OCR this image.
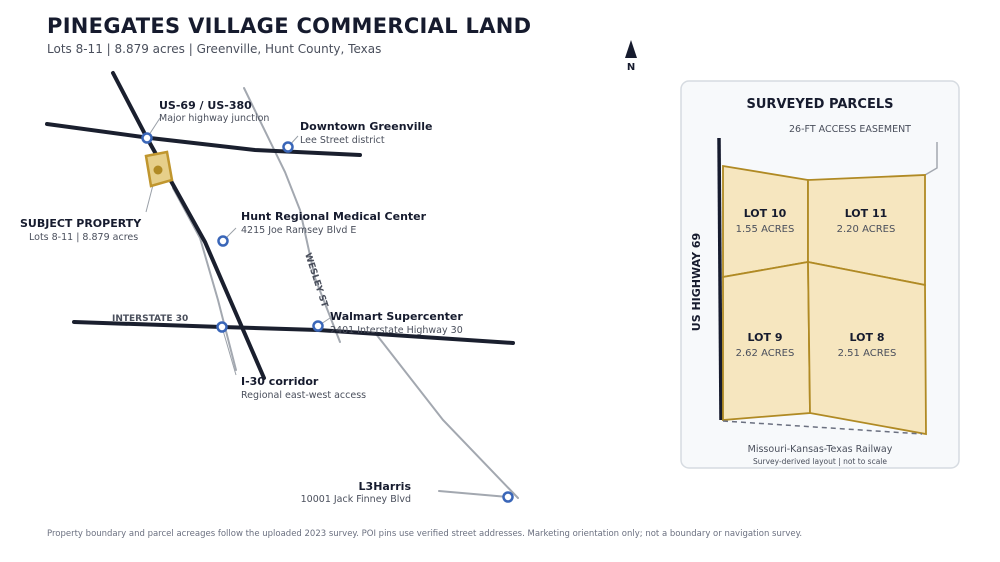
PINEGATES VILLAGE COMMERCIAL LAND
Lots 8-11 | 8.879 acres | Greenville, Hunt County, Texas
N
INTERSTATE 30
WESLEY ST
US-69 / US-380
Major highway junction
Downtown Greenville
Lee Street district
SUBJECT PROPERTY
Lots 8-11 | 8.879 acres
Hunt Regional Medical Center
4215 Joe Ramsey Blvd E
Walmart Supercenter
2401 Interstate Highway 30
I-30 corridor
Regional east-west access
L3Harris
10001 Jack Finney Blvd
SURVEYED PARCELS
26-FT ACCESS EASEMENT
US HIGHWAY 69
LOT 10
1.55 ACRES
LOT 11
2.20 ACRES
LOT 9
2.62 ACRES
LOT 8
2.51 ACRES
Missouri-Kansas-Texas Railway
Survey-derived layout | not to scale
Property boundary and parcel acreages follow the uploaded 2023 survey. POI pins use verified street addresses. Marketing orientation only; not a boundary or navigation survey.
